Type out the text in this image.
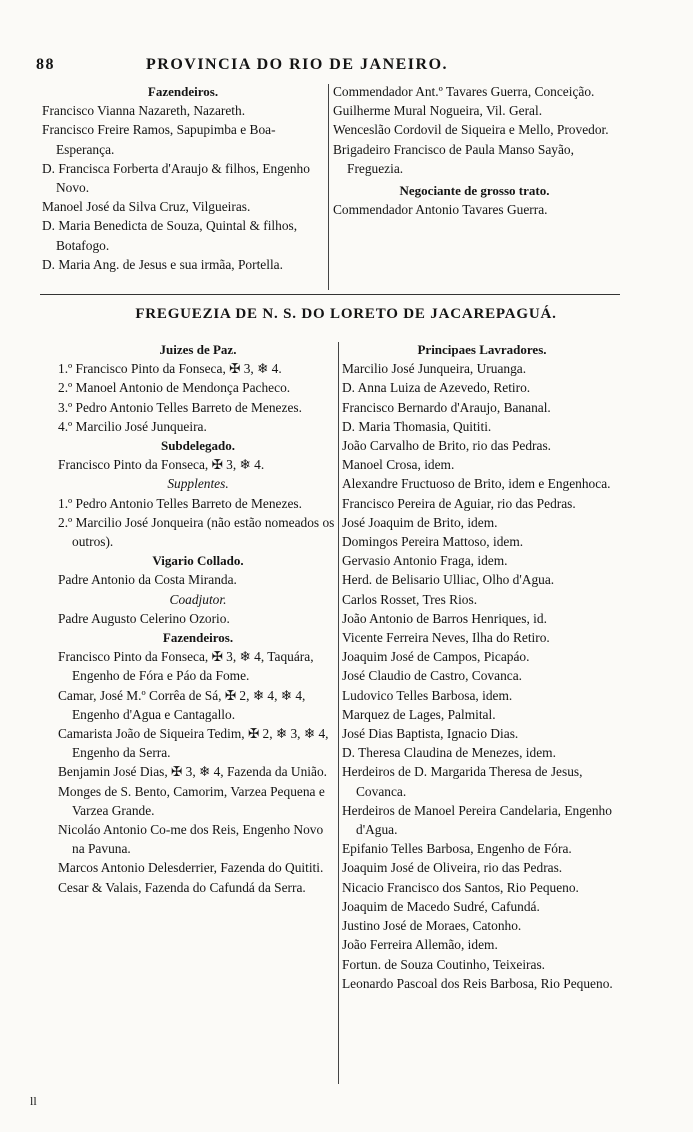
88	PROVINCIA DO RIO DE JANEIRO.

Fazendeiros.

Francisco Vianna Nazareth, Nazareth.

Francisco Freire Ramos, Sapupimba e Boa-Esperança.

D. Francisca Forberta d'Araujo & filhos, Engenho Novo.

Manoel José da Silva Cruz, Vilgueiras.

D. Maria Benedicta de Souza, Quintal & filhos, Botafogo.

D. Maria Ang. de Jesus e sua irmãa, Portella.

Commendador Ant.º Tavares Guerra, Conceição.

Guilherme Mural Nogueira, Vil. Geral.

Wenceslão Cordovil de Siqueira e Mello, Provedor.

Brigadeiro Francisco de Paula Manso Sayão, Freguezia.

Negociante de grosso trato.

Commendador Antonio Tavares Guerra.

FREGUEZIA DE N. S. DO LORETO DE JACAREPAGUÁ.

Juizes de Paz.

1.º Francisco Pinto da Fonseca, ✠ 3, ❄ 4.

2.º Manoel Antonio de Mendonça Pacheco.

3.º Pedro Antonio Telles Barreto de Menezes.

4.º Marcilio José Junqueira.

Subdelegado.

Francisco Pinto da Fonseca, ✠ 3, ❄ 4.

Supplentes.

1.º Pedro Antonio Telles Barreto de Menezes.

2.º Marcilio José Jonqueira (não estão nomeados os outros).

Vigario Collado.

Padre Antonio da Costa Miranda.

Coadjutor.

Padre Augusto Celerino Ozorio.

Fazendeiros.

Francisco Pinto da Fonseca, ✠ 3, ❄ 4, Taquára, Engenho de Fóra e Páo da Fome.

Camar, José M.º Corrêa de Sá, ✠ 2, ❄ 4, ❄ 4, Engenho d'Agua e Cantagallo.

Camarista João de Siqueira Tedim, ✠ 2, ❄ 3, ❄ 4, Engenho da Serra.

Benjamin José Dias, ✠ 3, ❄ 4, Fazenda da União.

Monges de S. Bento, Camorim, Varzea Pequena e Varzea Grande.

Nicoláo Antonio Co-me dos Reis, Engenho Novo na Pavuna.

Marcos Antonio Delesderrier, Fazenda do Quititi.

Cesar & Valais, Fazenda do Cafundá da Serra.

Principaes Lavradores.

Marcilio José Junqueira, Uruanga.

D. Anna Luiza de Azevedo, Retiro.

Francisco Bernardo d'Araujo, Bananal.

D. Maria Thomasia, Quititi.

João Carvalho de Brito, rio das Pedras.

Manoel Crosa, idem.

Alexandre Fructuoso de Brito, idem e Engenhoca.

Francisco Pereira de Aguiar, rio das Pedras.

José Joaquim de Brito, idem.

Domingos Pereira Mattoso, idem.

Gervasio Antonio Fraga, idem.

Herd. de Belisario Ulliac, Olho d'Agua.

Carlos Rosset, Tres Rios.

João Antonio de Barros Henriques, id.

Vicente Ferreira Neves, Ilha do Retiro.

Joaquim José de Campos, Picapáo.

José Claudio de Castro, Covanca.

Ludovico Telles Barbosa, idem.

Marquez de Lages, Palmital.

José Dias Baptista, Ignacio Dias.

D. Theresa Claudina de Menezes, idem.

Herdeiros de D. Margarida Theresa de Jesus, Covanca.

Herdeiros de Manoel Pereira Candelaria, Engenho d'Agua.

Epifanio Telles Barbosa, Engenho de Fóra.

Joaquim José de Oliveira, rio das Pedras.

Nicacio Francisco dos Santos, Rio Pequeno.

Joaquim de Macedo Sudré, Cafundá.

Justino José de Moraes, Catonho.

João Ferreira Allemão, idem.

Fortun. de Souza Coutinho, Teixeiras.

Leonardo Pascoal dos Reis Barbosa, Rio Pequeno.

ll
